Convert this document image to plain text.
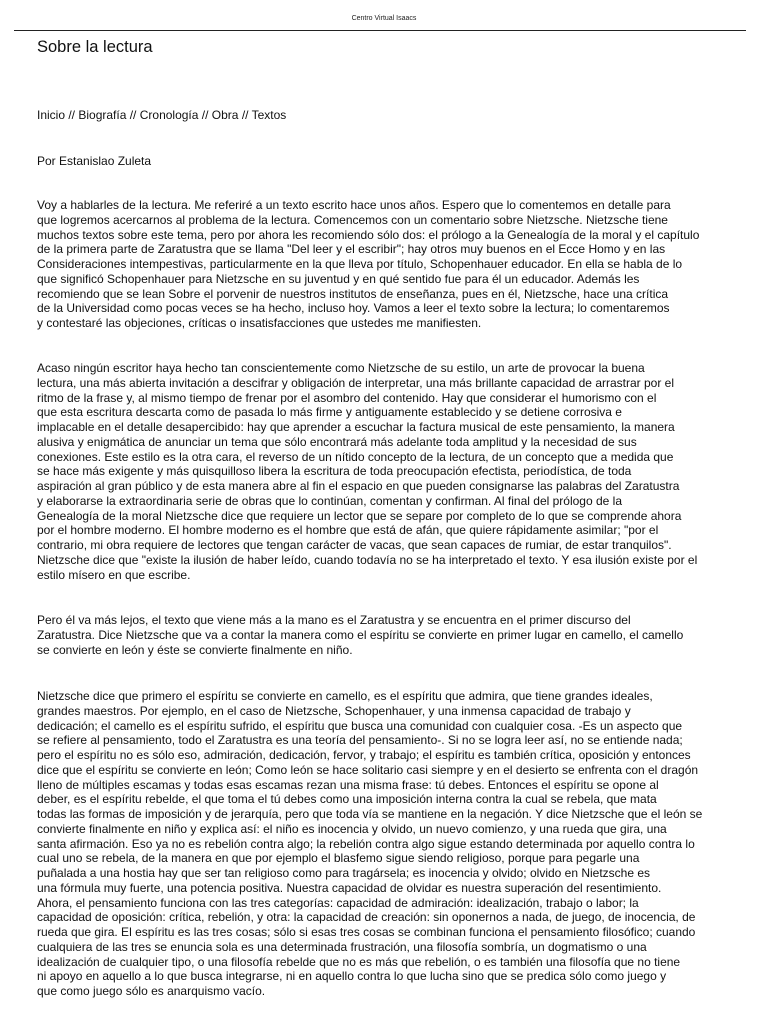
Centro Virtual Isaacs
Sobre la lectura
Inicio // Biografía // Cronología // Obra // Textos
Por Estanislao Zuleta

Voy a hablarles de la lectura. Me referiré a un texto escrito hace unos años. Espero que lo comentemos en detalle para
que logremos acercarnos al problema de la lectura. Comencemos con un comentario sobre Nietzsche. Nietzsche tiene
muchos textos sobre este tema, pero por ahora les recomiendo sólo dos: el prólogo a la Genealogía de la moral y el capítulo
de la primera parte de Zaratustra que se llama "Del leer y el escribir"; hay otros muy buenos en el Ecce Homo y en las
Consideraciones intempestivas, particularmente en la que lleva por título, Schopenhauer educador. En ella se habla de lo
que significó Schopenhauer para Nietzsche en su juventud y en qué sentido fue para él un educador. Además les
recomiendo que se lean Sobre el porvenir de nuestros institutos de enseñanza, pues en él, Nietzsche, hace una crítica
de la Universidad como pocas veces se ha hecho, incluso hoy. Vamos a leer el texto sobre la lectura; lo comentaremos
y contestaré las objeciones, críticas o insatisfacciones que ustedes me manifiesten.

Acaso ningún escritor haya hecho tan conscientemente como Nietzsche de su estilo, un arte de provocar la buena
lectura, una más abierta invitación a descifrar y obligación de interpretar, una más brillante capacidad de arrastrar por el
ritmo de la frase y, al mismo tiempo de frenar por el asombro del contenido. Hay que considerar el humorismo con el
que esta escritura descarta como de pasada lo más firme y antiguamente establecido y se detiene corrosiva e
implacable en el detalle desapercibido: hay que aprender a escuchar la factura musical de este pensamiento, la manera
alusiva y enigmática de anunciar un tema que sólo encontrará más adelante toda amplitud y la necesidad de sus
conexiones. Este estilo es la otra cara, el reverso de un nítido concepto de la lectura, de un concepto que a medida que
se hace más exigente y más quisquilloso libera la escritura de toda preocupación efectista, periodística, de toda
aspiración al gran público y de esta manera abre al fin el espacio en que pueden consignarse las palabras del Zaratustra
y elaborarse la extraordinaria serie de obras que lo continúan, comentan y confirman. Al final del prólogo de la
Genealogía de la moral Nietzsche dice que requiere un lector que se separe por completo de lo que se comprende ahora
por el hombre moderno. El hombre moderno es el hombre que está de afán, que quiere rápidamente asimilar; "por el
contrario, mi obra requiere de lectores que tengan carácter de vacas, que sean capaces de rumiar, de estar tranquilos".
Nietzsche dice que "existe la ilusión de haber leído, cuando todavía no se ha interpretado el texto. Y esa ilusión existe por el
estilo mísero en que escribe.

Pero él va más lejos, el texto que viene más a la mano es el Zaratustra y se encuentra en el primer discurso del
Zaratustra. Dice Nietzsche que va a contar la manera como el espíritu se convierte en primer lugar en camello, el camello
se convierte en león y éste se convierte finalmente en niño.

Nietzsche dice que primero el espíritu se convierte en camello, es el espíritu que admira, que tiene grandes ideales,
grandes maestros. Por ejemplo, en el caso de Nietzsche, Schopenhauer, y una inmensa capacidad de trabajo y
dedicación; el camello es el espíritu sufrido, el espíritu que busca una comunidad con cualquier cosa. -Es un aspecto que
se refiere al pensamiento, todo el Zaratustra es una teoría del pensamiento-. Si no se logra leer así, no se entiende nada;
pero el espíritu no es sólo eso, admiración, dedicación, fervor, y trabajo; el espíritu es también crítica, oposición y entonces
dice que el espíritu se convierte en león; Como león se hace solitario casi siempre y en el desierto se enfrenta con el dragón
lleno de múltiples escamas y todas esas escamas rezan una misma frase: tú debes. Entonces el espíritu se opone al
deber, es el espíritu rebelde, el que toma el tú debes como una imposición interna contra la cual se rebela, que mata
todas las formas de imposición y de jerarquía, pero que toda vía se mantiene en la negación. Y dice Nietzsche que el león se
convierte finalmente en niño y explica así: el niño es inocencia y olvido, un nuevo comienzo, y una rueda que gira, una
santa afirmación. Eso ya no es rebelión contra algo; la rebelión contra algo sigue estando determinada por aquello contra lo
cual uno se rebela, de la manera en que por ejemplo el blasfemo sigue siendo religioso, porque para pegarle una
puñalada a una hostia hay que ser tan religioso como para tragársela; es inocencia y olvido; olvido en Nietzsche es
una fórmula muy fuerte, una potencia positiva. Nuestra capacidad de olvidar es nuestra superación del resentimiento.
Ahora, el pensamiento funciona con las tres categorías: capacidad de admiración: idealización, trabajo o labor; la
capacidad de oposición: crítica, rebelión, y otra: la capacidad de creación: sin oponernos a nada, de juego, de inocencia, de
rueda que gira. El espíritu es las tres cosas; sólo si esas tres cosas se combinan funciona el pensamiento filosófico; cuando
cualquiera de las tres se enuncia sola es una determinada frustración, una filosofía sombría, un dogmatismo o una
idealización de cualquier tipo, o una filosofía rebelde que no es más que rebelión, o es también una filosofía que no tiene
ni apoyo en aquello a lo que busca integrarse, ni en aquello contra lo que lucha sino que se predica sólo como juego y
que como juego sólo es anarquismo vacío.
